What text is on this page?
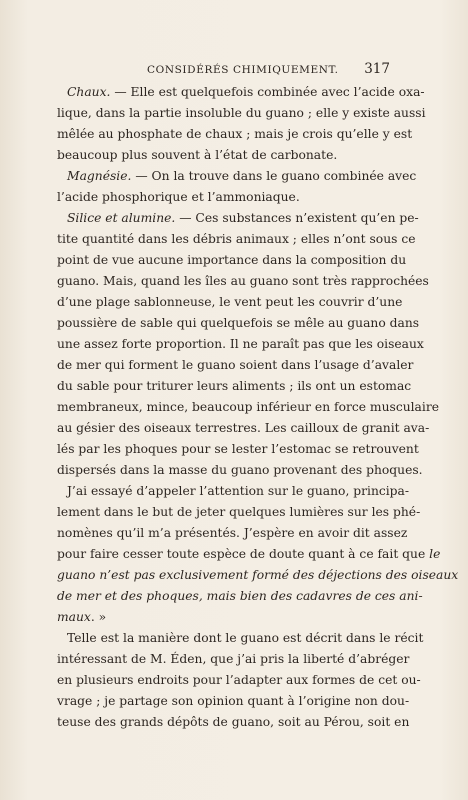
CONSIDÉRÉS CHIMIQUEMENT. 317
Chaux. — Elle est quelquefois combinée avec l’acide oxa-
lique, dans la partie insoluble du guano ; elle y existe aussi
mêlée au phosphate de chaux ; mais je crois qu’elle y est
beaucoup plus souvent à l’état de carbonate.
Magnésie. — On la trouve dans le guano combinée avec
l’acide phosphorique et l’ammoniaque.
Silice et alumine. — Ces substances n’existent qu’en pe-
tite quantité dans les débris animaux ; elles n’ont sous ce
point de vue aucune importance dans la composition du
guano. Mais, quand les îles au guano sont très rapprochées
d’une plage sablonneuse, le vent peut les couvrir d’une
poussière de sable qui quelquefois se mêle au guano dans
une assez forte proportion. Il ne paraît pas que les oiseaux
de mer qui forment le guano soient dans l’usage d’avaler
du sable pour triturer leurs aliments ; ils ont un estomac
membraneux, mince, beaucoup inférieur en force musculaire
au gésier des oiseaux terrestres. Les cailloux de granit ava-
lés par les phoques pour se lester l’estomac se retrouvent
dispersés dans la masse du guano provenant des phoques.
J’ai essayé d’appeler l’attention sur le guano, principa-
lement dans le but de jeter quelques lumières sur les phé-
nomènes qu’il m’a présentés. J’espère en avoir dit assez
pour faire cesser toute espèce de doute quant à ce fait que le
guano n’est pas exclusivement formé des déjections des oiseaux
de mer et des phoques, mais bien des cadavres de ces ani-
maux. »
Telle est la manière dont le guano est décrit dans le récit
intéressant de M. Éden, que j’ai pris la liberté d’abréger
en plusieurs endroits pour l’adapter aux formes de cet ou-
vrage ; je partage son opinion quant à l’origine non dou-
teuse des grands dépôts de guano, soit au Pérou, soit en
